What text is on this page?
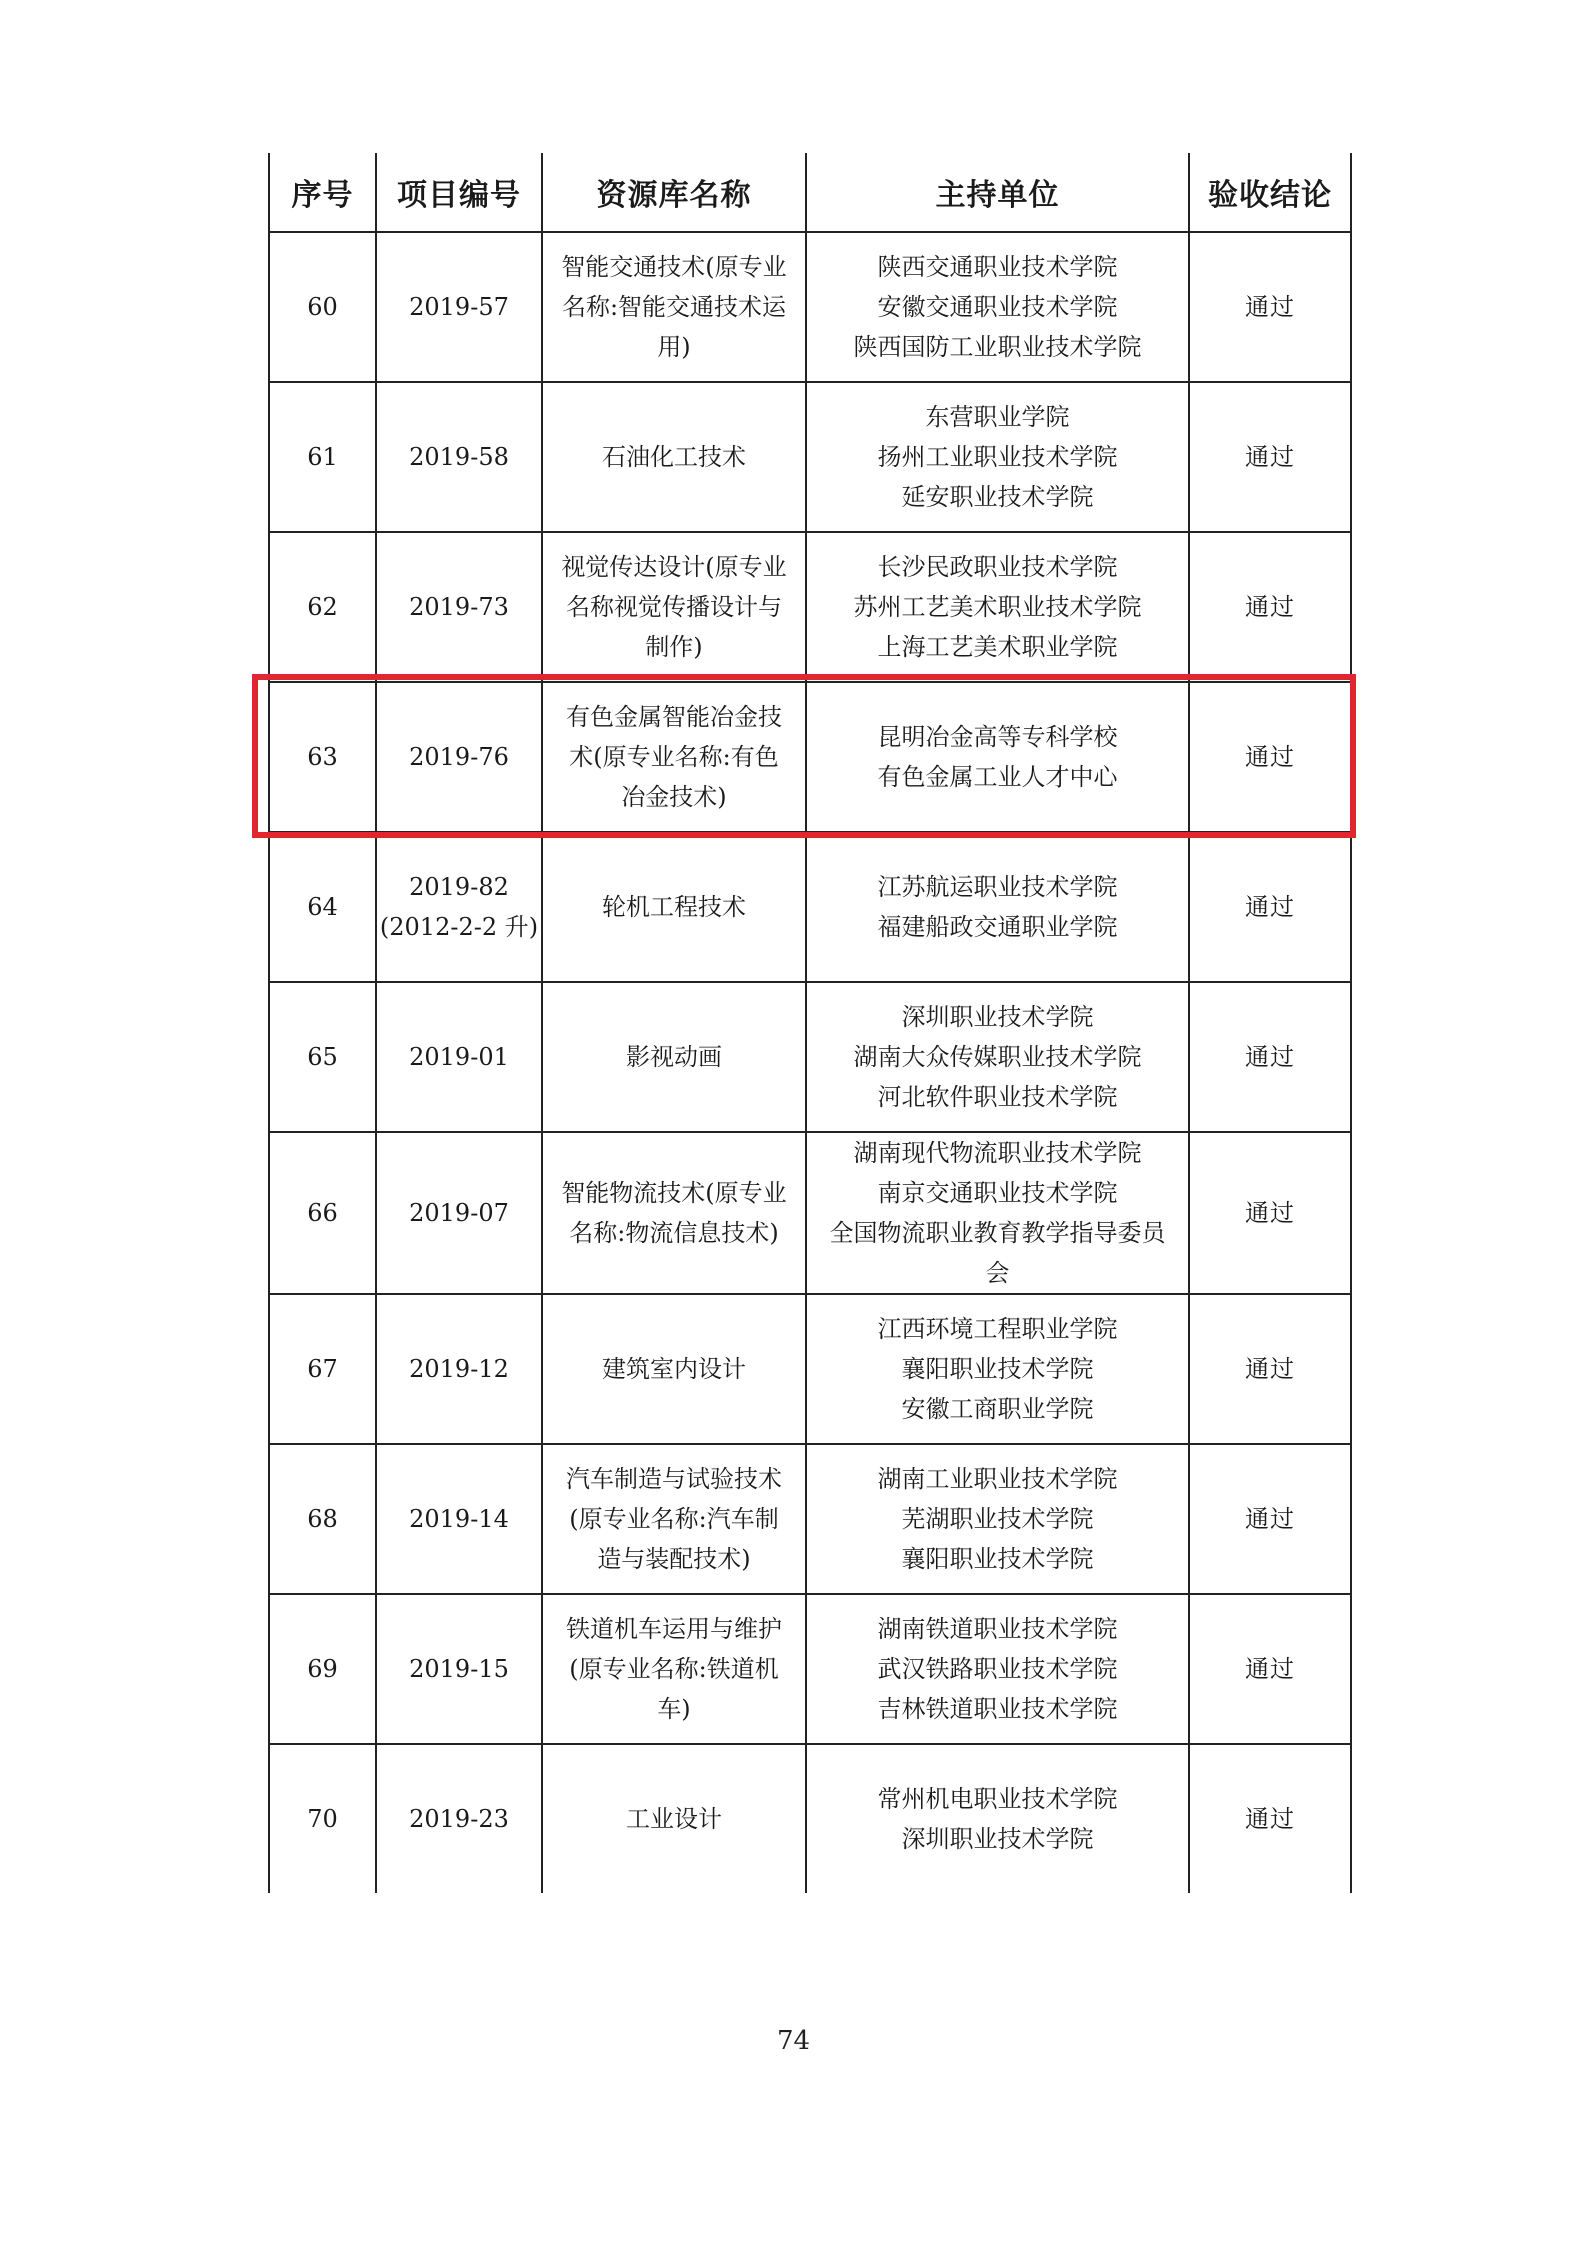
序号	项目编号	资源库名称	主持单位	验收结论
60	2019-57	智能交通技术(原专业
名称:智能交通技术运
用)	陕西交通职业技术学院
安徽交通职业技术学院
陕西国防工业职业技术学院	通过
61	2019-58	石油化工技术	东营职业学院
扬州工业职业技术学院
延安职业技术学院	通过
62	2019-73	视觉传达设计(原专业
名称视觉传播设计与
制作)	长沙民政职业技术学院
苏州工艺美术职业技术学院
上海工艺美术职业学院	通过
63	2019-76	有色金属智能冶金技
术(原专业名称:有色
冶金技术)	昆明冶金高等专科学校
有色金属工业人才中心	通过
64	2019-82
(2012-2-2 升)	轮机工程技术	江苏航运职业技术学院
福建船政交通职业学院	通过
65	2019-01	影视动画	深圳职业技术学院
湖南大众传媒职业技术学院
河北软件职业技术学院	通过
66	2019-07	智能物流技术(原专业
名称:物流信息技术)	湖南现代物流职业技术学院
南京交通职业技术学院
全国物流职业教育教学指导委员
会	通过
67	2019-12	建筑室内设计	江西环境工程职业学院
襄阳职业技术学院
安徽工商职业学院	通过
68	2019-14	汽车制造与试验技术
(原专业名称:汽车制
造与装配技术)	湖南工业职业技术学院
芜湖职业技术学院
襄阳职业技术学院	通过
69	2019-15	铁道机车运用与维护
(原专业名称:铁道机
车)	湖南铁道职业技术学院
武汉铁路职业技术学院
吉林铁道职业技术学院	通过
70	2019-23	工业设计	常州机电职业技术学院
深圳职业技术学院	通过
74
